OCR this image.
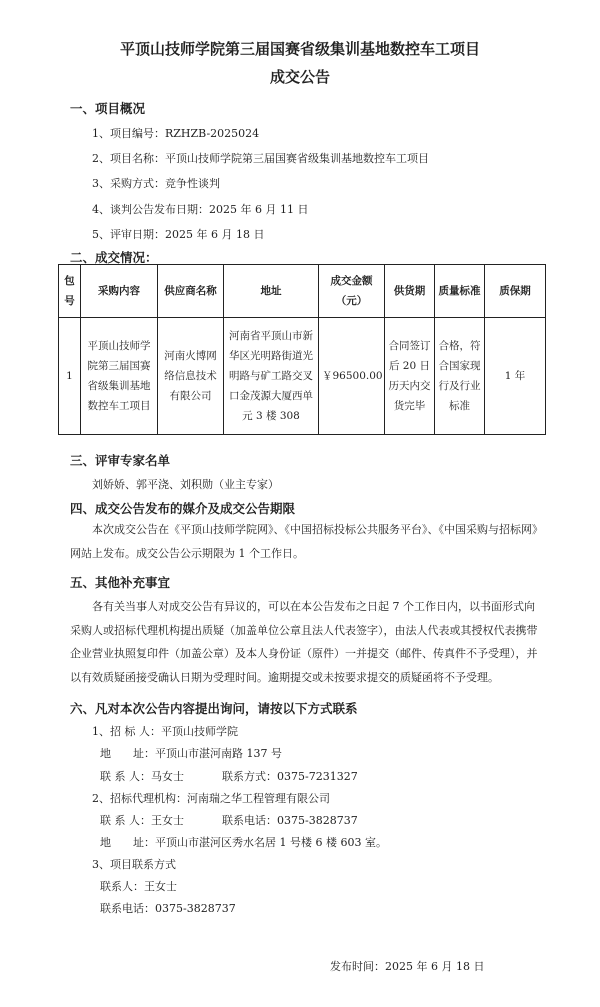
平顶山技师学院第三届国赛省级集训基地数控车工项目
成交公告
一、项目概况
1、项目编号：RZHZB-2025024
2、项目名称：平顶山技师学院第三届国赛省级集训基地数控车工项目
3、采购方式：竞争性谈判
4、谈判公告发布日期：2025 年 6 月 11 日
5、评审日期：2025 年 6 月 18 日
二、成交情况：
包号	采购内容	供应商名称	地址	成交金额（元）	供货期	质量标准	质保期
1	平顶山技师学院第三届国赛省级集训基地数控车工项目	河南火博网络信息技术有限公司	河南省平顶山市新华区光明路街道光明路与矿工路交叉口金茂源大厦西单元 3 楼 308	￥96500.00	合同签订后 20 日历天内交货完毕	合格，符合国家现行及行业标准	1 年
三、评审专家名单
刘娇娇、郭平浇、刘积勋（业主专家）
四、成交公告发布的媒介及成交公告期限
本次成交公告在《平顶山技师学院网》、《中国招标投标公共服务平台》、《中国采购与招标网》网站上发布。成交公告公示期限为 1 个工作日。
五、其他补充事宜
各有关当事人对成交公告有异议的，可以在本公告发布之日起 7 个工作日内，以书面形式向采购人或招标代理机构提出质疑（加盖单位公章且法人代表签字），由法人代表或其授权代表携带企业营业执照复印件（加盖公章）及本人身份证（原件）一并提交（邮件、传真件不予受理），并以有效质疑函接受确认日期为受理时间。逾期提交或未按要求提交的质疑函将不予受理。
六、凡对本次公告内容提出询问，请按以下方式联系
1、招 标 人：平顶山技师学院
地　　址：平顶山市湛河南路 137 号
联 系 人：马女士	联系方式：0375-7231327
2、招标代理机构：河南瑞之华工程管理有限公司
联 系 人：王女士	联系电话：0375-3828737
地　　址：平顶山市湛河区秀水名居 1 号楼 6 楼 603 室。
3、项目联系方式
联系人：王女士
联系电话：0375-3828737
发布时间：2025 年 6 月 18 日
